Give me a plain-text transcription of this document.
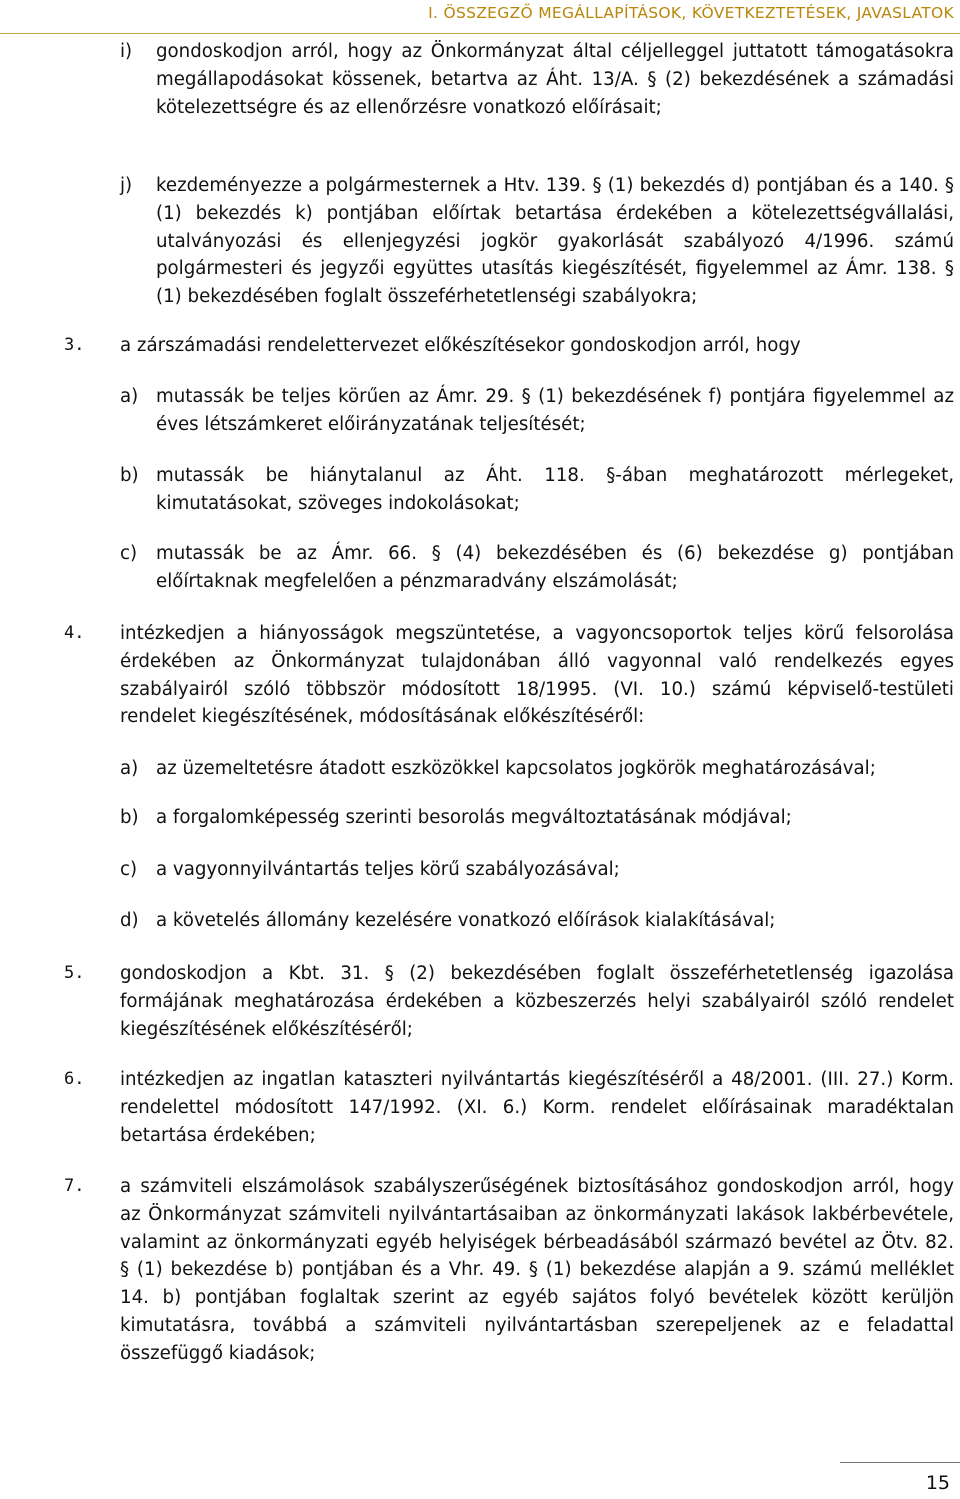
I. ÖSSZEGZŐ MEGÁLLAPÍTÁSOK, KÖVETKEZTETÉSEK, JAVASLATOK
i) gondoskodjon arról, hogy az Önkormányzat által céljelleggel juttatott támogatásokra megállapodásokat kössenek, betartva az Áht. 13/A. § (2) bekezdésének a számadási kötelezettségre és az ellenőrzésre vonatkozó előírásait;
j) kezdeményezze a polgármesternek a Htv. 139. § (1) bekezdés d) pontjában és a 140. § (1) bekezdés k) pontjában előírtak betartása érdekében a kötelezettségvállalási, utalványozási és ellenjegyzési jogkör gyakorlását szabályozó 4/1996. számú polgármesteri és jegyzői együttes utasítás kiegészítését, figyelemmel az Ámr. 138. § (1) bekezdésében foglalt összeférhetetlenségi szabályokra;
3. a zárszámadási rendelettervezet előkészítésekor gondoskodjon arról, hogy
a) mutassák be teljes körűen az Ámr. 29. § (1) bekezdésének f) pontjára figyelemmel az éves létszámkeret előirányzatának teljesítését;
b) mutassák be hiánytalanul az Áht. 118. §-ában meghatározott mérlegeket, kimutatásokat, szöveges indokolásokat;
c) mutassák be az Ámr. 66. § (4) bekezdésében és (6) bekezdése g) pontjában előírtaknak megfelelően a pénzmaradvány elszámolását;
4. intézkedjen a hiányosságok megszüntetése, a vagyoncsoportok teljes körű felsorolása érdekében az Önkormányzat tulajdonában álló vagyonnal való rendelkezés egyes szabályairól szóló többször módosított 18/1995. (VI. 10.) számú képviselő-testületi rendelet kiegészítésének, módosításának előkészítéséről:
a) az üzemeltetésre átadott eszközökkel kapcsolatos jogkörök meghatározásával;
b) a forgalomképesség szerinti besorolás megváltoztatásának módjával;
c) a vagyonnyilvántartás teljes körű szabályozásával;
d) a követelés állomány kezelésére vonatkozó előírások kialakításával;
5. gondoskodjon a Kbt. 31. § (2) bekezdésében foglalt összeférhetetlenség igazolása formájának meghatározása érdekében a közbeszerzés helyi szabályairól szóló rendelet kiegészítésének előkészítéséről;
6. intézkedjen az ingatlan kataszteri nyilvántartás kiegészítéséről a 48/2001. (III. 27.) Korm. rendelettel módosított 147/1992. (XI. 6.) Korm. rendelet előírásainak maradéktalan betartása érdekében;
7. a számviteli elszámolások szabályszerűségének biztosításához gondoskodjon arról, hogy az Önkormányzat számviteli nyilvántartásaiban az önkormányzati lakások lakbérbevétele, valamint az önkormányzati egyéb helyiségek bérbeadásából származó bevétel az Ötv. 82. § (1) bekezdése b) pontjában és a Vhr. 49. § (1) bekezdése alapján a 9. számú melléklet 14. b) pontjában foglaltak szerint az egyéb sajátos folyó bevételek között kerüljön kimutatásra, továbbá a számviteli nyilvántartásban szerepeljenek az e feladattal összefüggő kiadások;
15
